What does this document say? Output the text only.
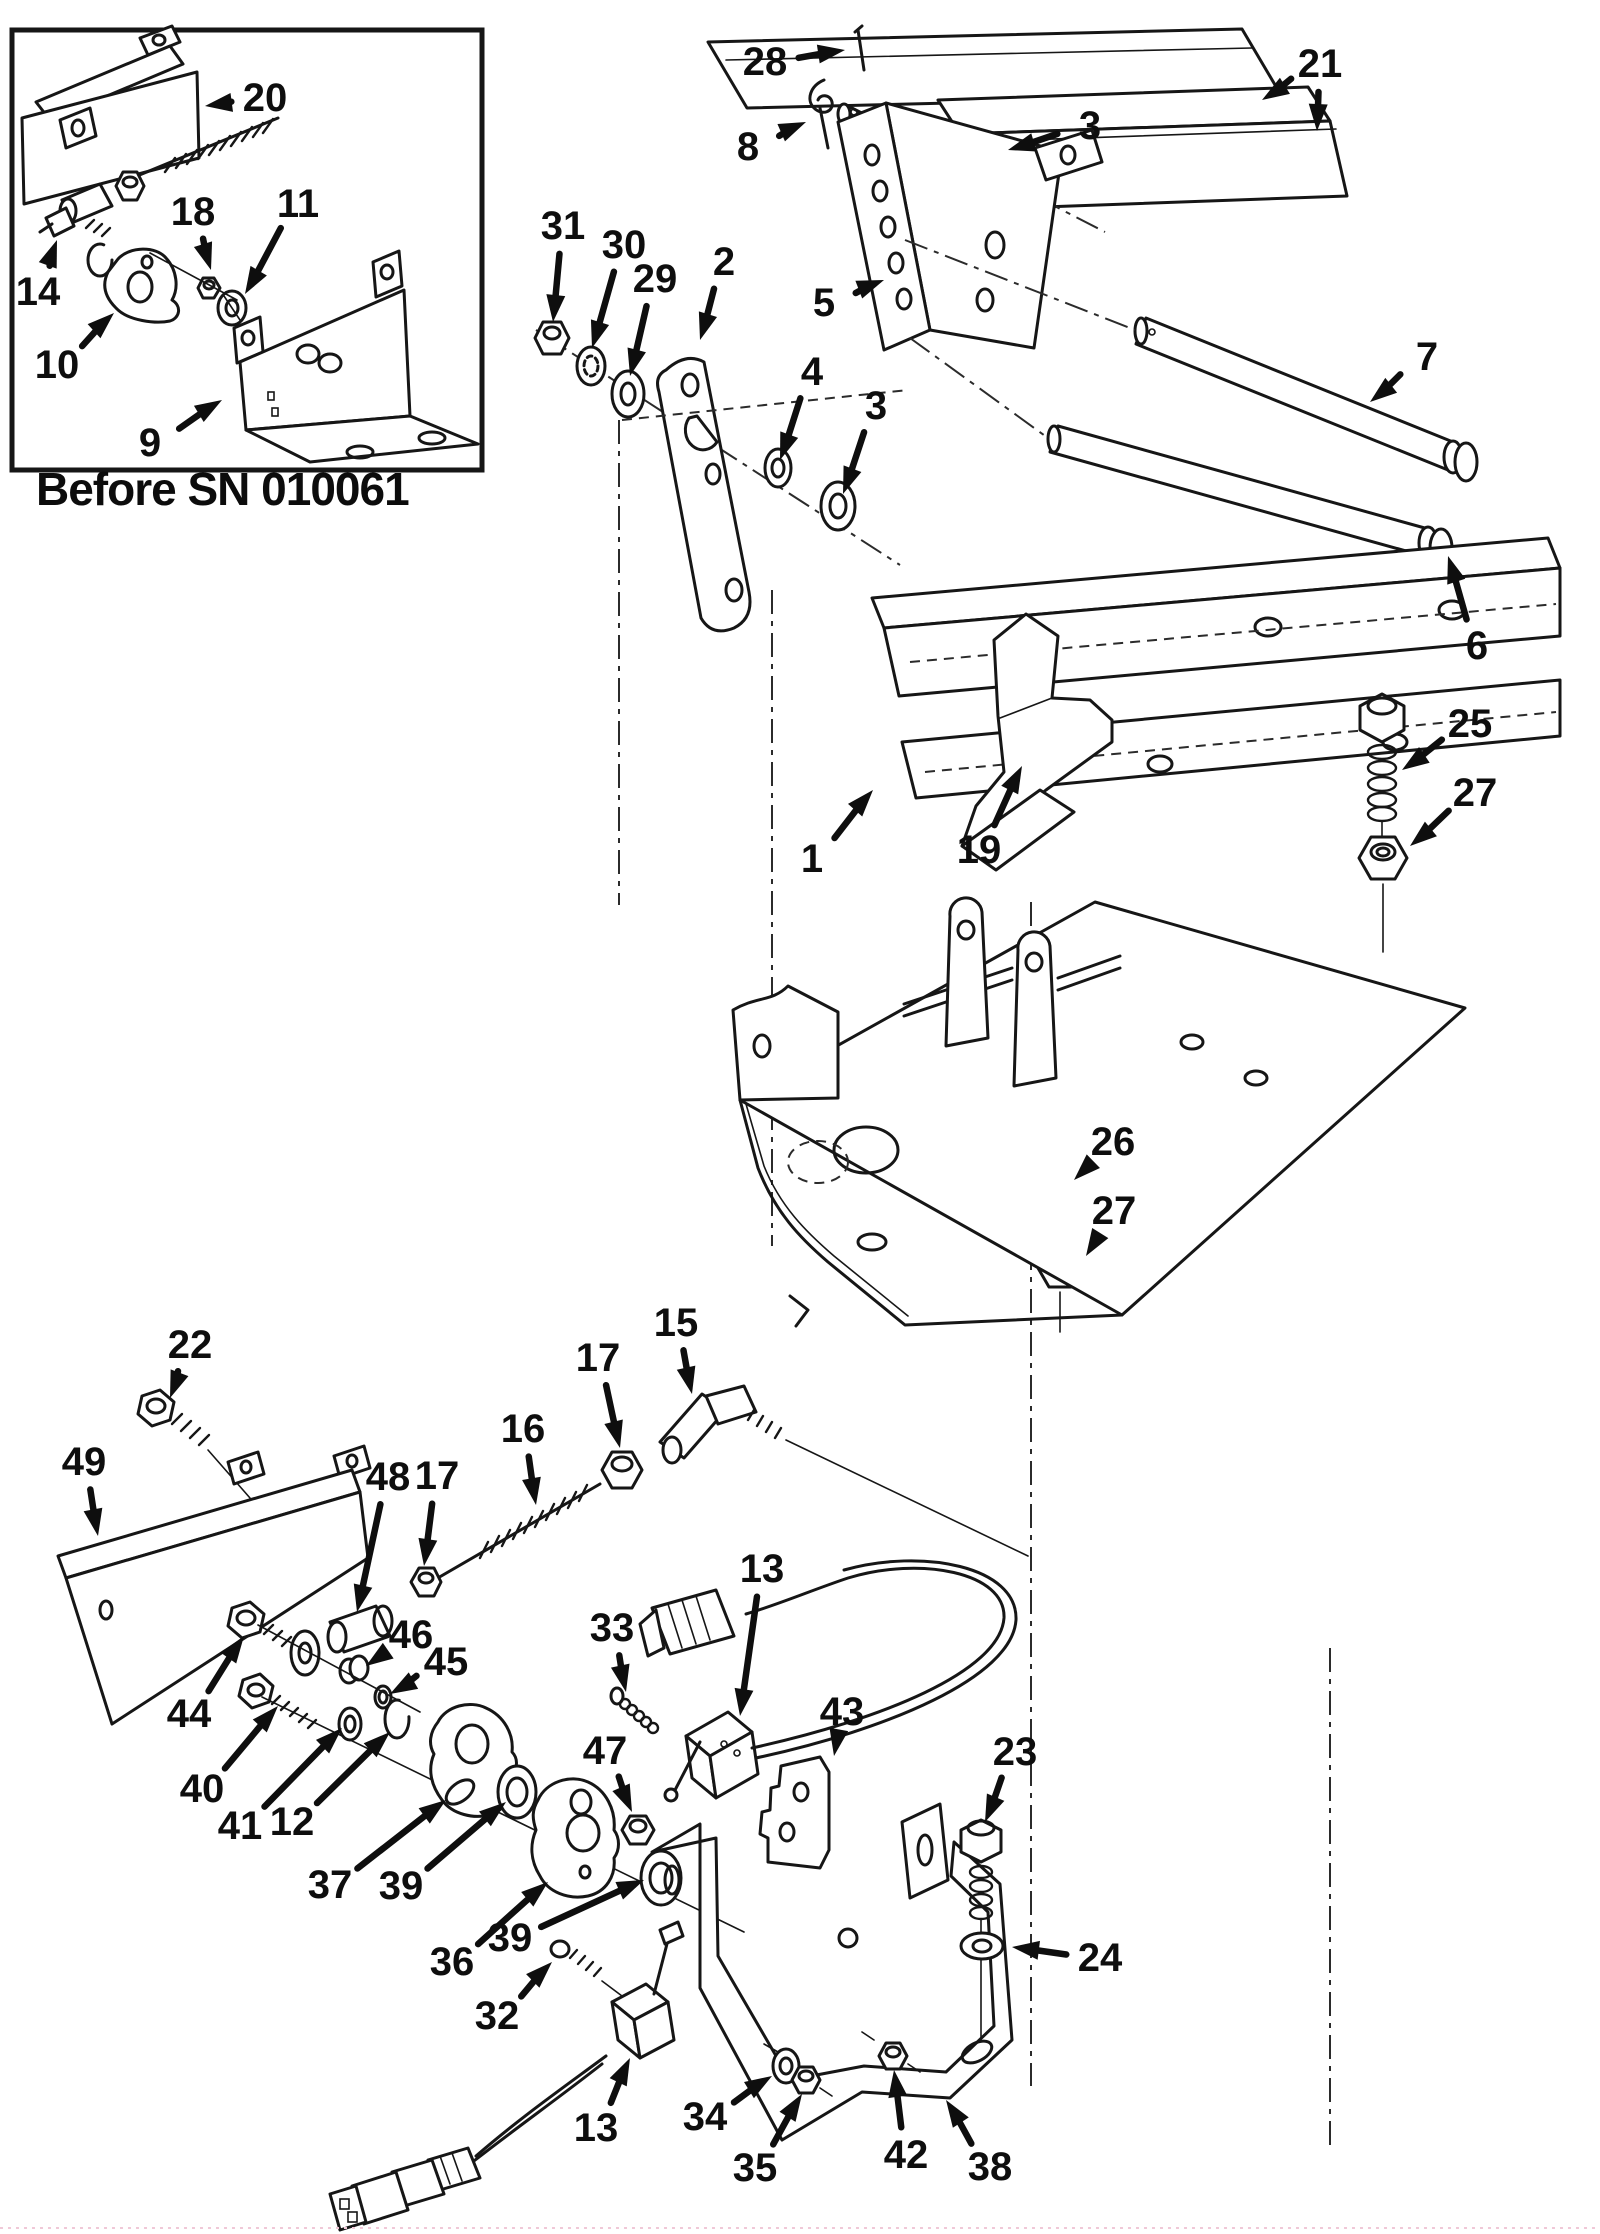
Before SN 010061
20
18 11
14
10
9
28
8	3
21
5
31 30
29 2
4
3
7
6
1	19
25
27
26
27
22
49
15
17
16
48 17
44
46
45
40
41 12
37 39
36
39
33
47
13
43
23
24
32
13 34
35	42 38
